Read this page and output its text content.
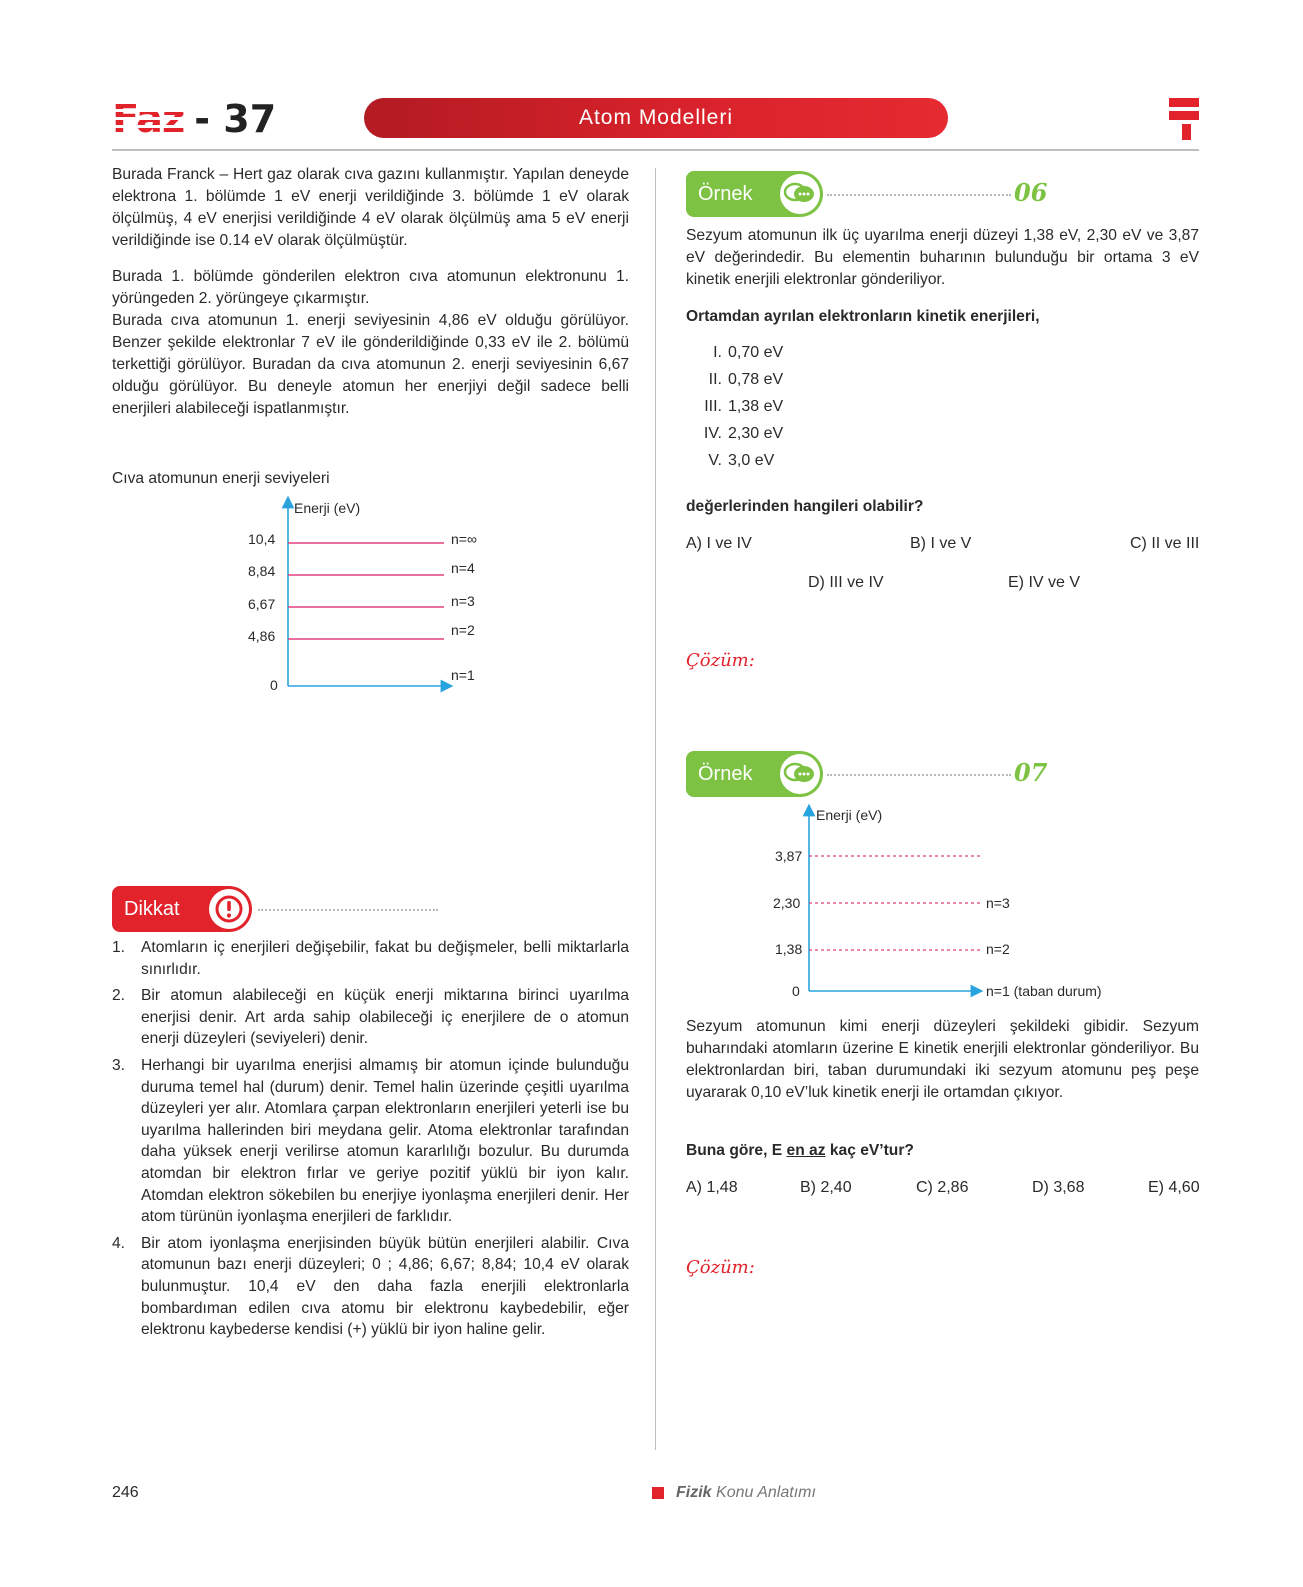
Faz - 37	Atom Modelleri

Burada Franck – Hert gaz olarak cıva gazını kullanmıştır. Yapılan deneyde elektrona 1. bölümde 1 eV enerji verildiğinde 3. bölümde 1 eV olarak ölçülmüş, 4 eV enerjisi verildiğinde 4 eV olarak ölçülmüş ama 5 eV enerji verildiğinde ise 0.14 eV olarak ölçülmüştür.

Burada 1. bölümde gönderilen elektron cıva atomunun elektronunu 1. yörüngeden 2. yörüngeye çıkarmıştır.

Burada cıva atomunun 1. enerji seviyesinin 4,86 eV olduğu görülüyor. Benzer şekilde elektronlar 7 eV ile gönderildiğinde 0,33 eV ile 2. bölümü terkettiği görülüyor. Buradan da cıva atomunun 2. enerji seviyesinin 6,67 olduğu görülüyor. Bu deneyle atomun her enerjiyi değil sadece belli enerjileri alabileceği ispatlanmıştır.

Cıva atomunun enerji seviyeleri
Enerji (eV)
0
n=1
10,4	n=∞
8,84	n=4
6,67	n=3
4,86	n=2
Dikkat
1. Atomların iç enerjileri değişebilir, fakat bu değişmeler, belli miktarlarla sınırlıdır.
2. Bir atomun alabileceği en küçük enerji miktarına birinci uyarılma enerjisi denir. Art arda sahip olabileceği iç enerjilere de o atomun enerji düzeyleri (seviyeleri) denir.
3. Herhangi bir uyarılma enerjisi almamış bir atomun içinde bulunduğu duruma temel hal (durum) denir. Temel halin üzerinde çeşitli uyarılma düzeyleri yer alır. Atomlara çarpan elektronların enerjileri yeterli ise bu uyarılma hallerinden biri meydana gelir. Atoma elektronlar tarafından daha yüksek enerji verilirse atomun kararlılığı bozulur. Bu durumda atomdan bir elektron fırlar ve geriye pozitif yüklü bir iyon kalır. Atomdan elektron sökebilen bu enerjiye iyonlaşma enerjileri denir. Her atom türünün iyonlaşma enerjileri de farklıdır.
4. Bir atom iyonlaşma enerjisinden büyük bütün enerjileri alabilir. Cıva atomunun bazı enerji düzeyleri; 0 ; 4,86; 6,67; 8,84; 10,4 eV olarak bulunmuştur. 10,4 eV den daha fazla enerjili elektronlarla bombardıman edilen cıva atomu bir elektronu kaybedebilir, eğer elektronu kaybederse kendisi (+) yüklü bir iyon haline gelir.
Örnek	06
Sezyum atomunun ilk üç uyarılma enerji düzeyi 1,38 eV, 2,30 eV ve 3,87 eV değerindedir. Bu elementin buharının bulunduğu bir ortama 3 eV kinetik enerjili elektronlar gönderiliyor.
Ortamdan ayrılan elektronların kinetik enerjileri,
I. 0,70 eV
II. 0,78 eV
III. 1,38 eV
IV. 2,30 eV
V. 3,0 eV
değerlerinden hangileri olabilir?
A) I ve IV	B) I ve V	C) II ve III
D) III ve IV	E) IV ve V
Çözüm:
Örnek	07
Enerji (eV)
0	n=1 (taban durum)
3,87
2,30	n=3
1,38	n=2
Sezyum atomunun kimi enerji düzeyleri şekildeki gibidir. Sezyum buharındaki atomların üzerine E kinetik enerjili elektronlar gönderiliyor. Bu elektronlardan biri, taban durumundaki iki sezyum atomunu peş peşe uyararak 0,10 eV’luk kinetik enerji ile ortamdan çıkıyor.
Buna göre, E en az kaç eV’tur?
A) 1,48	B) 2,40	C) 2,86	D) 3,68	E) 4,60
Çözüm:
246	Fizik Konu Anlatımı
